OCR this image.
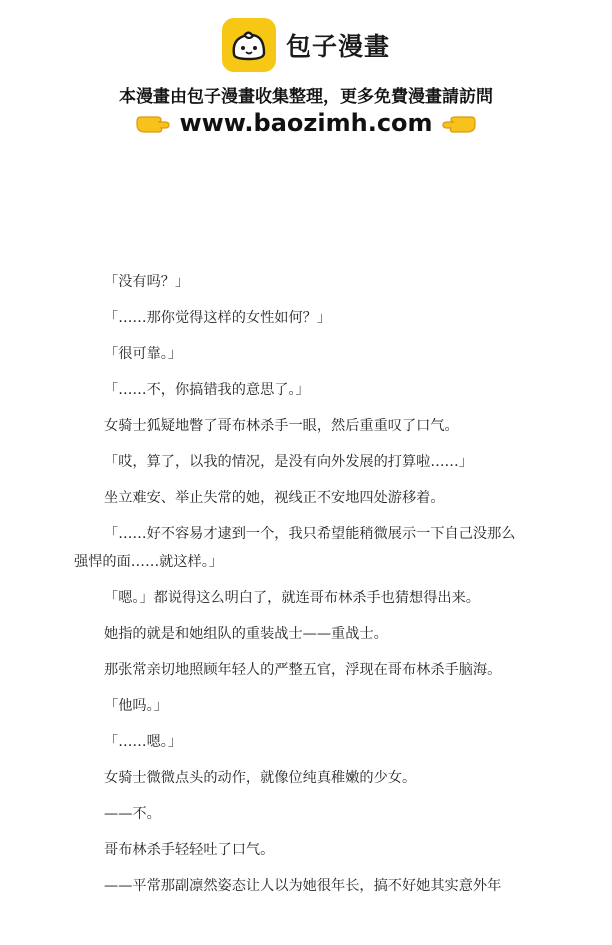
包子漫畫
本漫畫由包子漫畫收集整理，更多免費漫畫請訪問
www.baozimh.com
「没有吗？」
「……那你觉得这样的女性如何？」
「很可靠。」
「……不，你搞错我的意思了。」
女骑士狐疑地瞥了哥布林杀手一眼，然后重重叹了口气。
「哎，算了，以我的情况，是没有向外发展的打算啦……」
坐立难安、举止失常的她，视线正不安地四处游移着。
「……好不容易才逮到一个，我只希望能稍微展示一下自己没那么
强悍的面……就这样。」
「嗯。」都说得这么明白了，就连哥布林杀手也猜想得出来。
她指的就是和她组队的重装战士——重战士。
那张常亲切地照顾年轻人的严整五官，浮现在哥布林杀手脑海。
「他吗。」
「……嗯。」
女骑士微微点头的动作，就像位纯真稚嫩的少女。
——不。
哥布林杀手轻轻吐了口气。
——平常那副凛然姿态让人以为她很年长，搞不好她其实意外年
